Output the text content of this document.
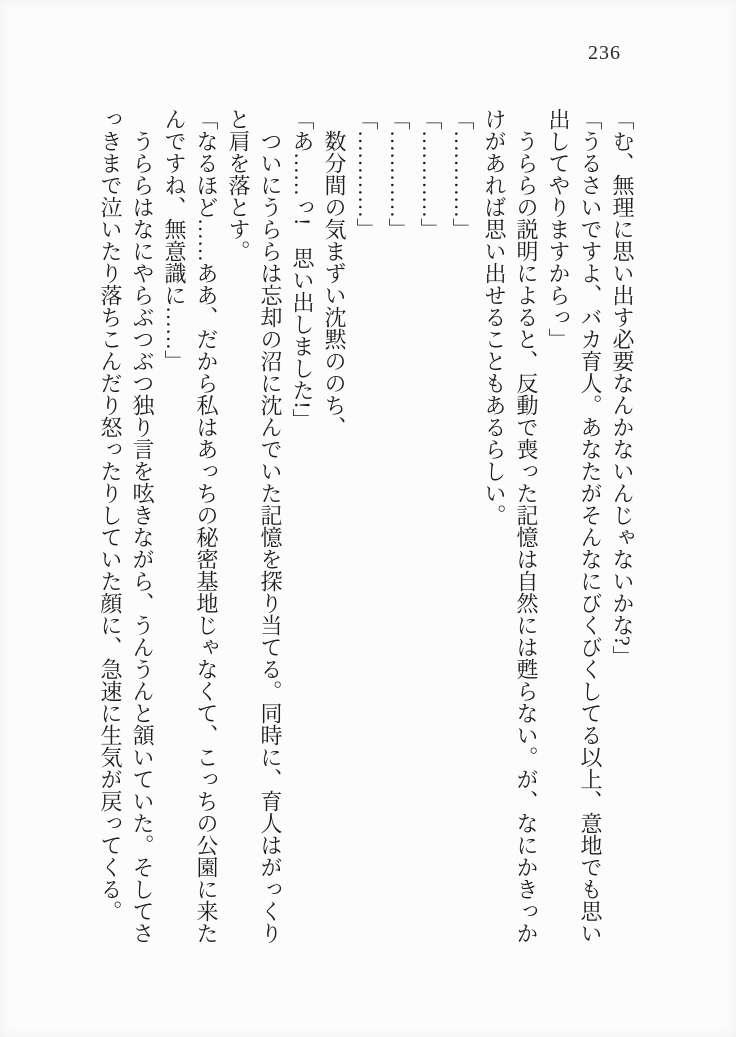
236

「む、無理に思い出す必要なんかないんじゃないかな?」

「うるさいですよ、バカ育人。あなたがそんなにびくびくしてる以上、意地でも思い出してやりますからっ」

うららの説明によると、反動で喪った記憶は自然には甦らない。が、なにかきっかけがあれば思い出せることもあるらしい。

「…………」

「…………」

「…………」

「…………」

数分間の気まずい沈黙ののち、

「あ……っ!　思い出しました!」

ついにうららは忘却の沼に沈んでいた記憶を探り当てる。同時に、育人はがっくりと肩を落とす。

「なるほど……ああ、だから私はあっちの秘密基地じゃなくて、こっちの公園に来たんですね、無意識に……」

うららはなにやらぶつぶつ独り言を呟きながら、うんうんと頷いていた。そしてさっきまで泣いたり落ちこんだり怒ったりしていた顔に、急速に生気が戻ってくる。
